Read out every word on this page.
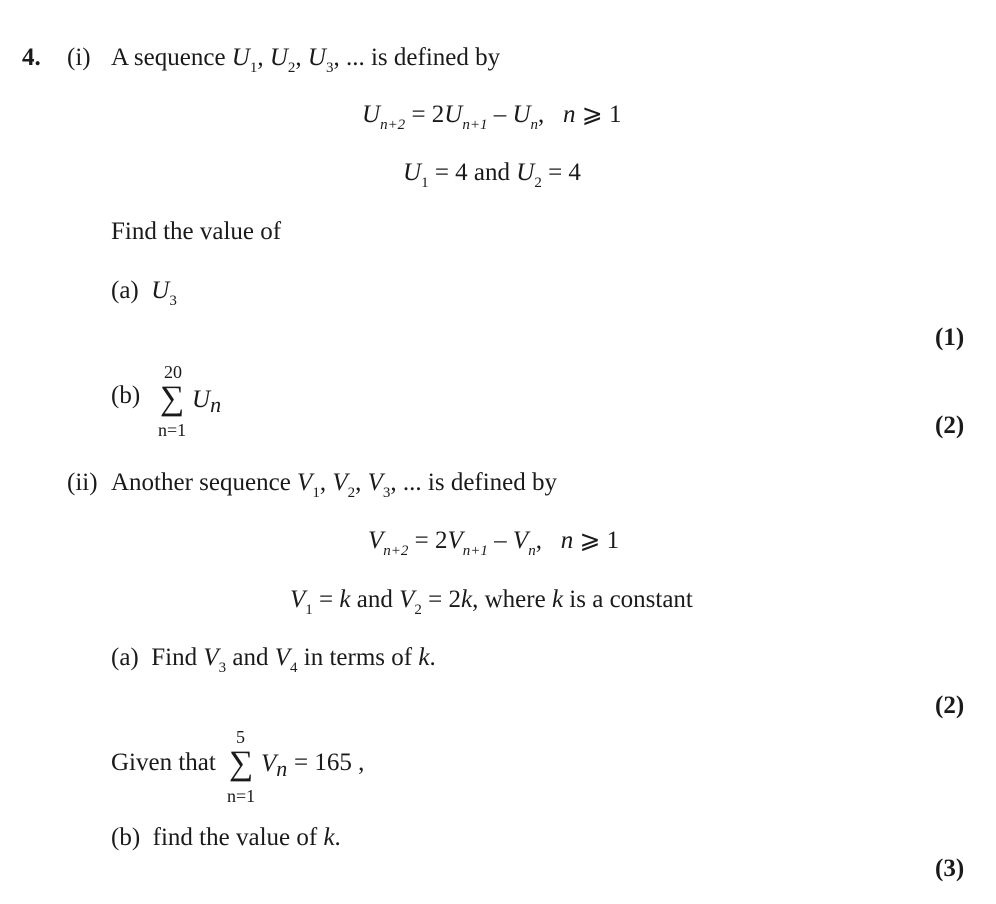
4. (i) A sequence $U_1$, $U_2$, $U_3$, ... is defined by
$U_{n+2} = 2U_{n+1} - U_n$, n ⩾ 1
$U_1 = 4$ and $U_2 = 4$
Find the value of
(a) $U_3$
(1)
(b)
20
∑ $U_n$
n=1	(2)
(ii) Another sequence $V_1$, $V_2$, $V_3$, ... is defined by
$V_{n+2} = 2V_{n+1} - V_n$, n ⩾ 1
$V_1 = k$ and $V_2 = 2k$, where k is a constant
(a) Find $V_3$ and $V_4$ in terms of k.
(2)
Given that
5
∑ $V_n = 165$ ,
n=1
(b) find the value of k.
(3)
